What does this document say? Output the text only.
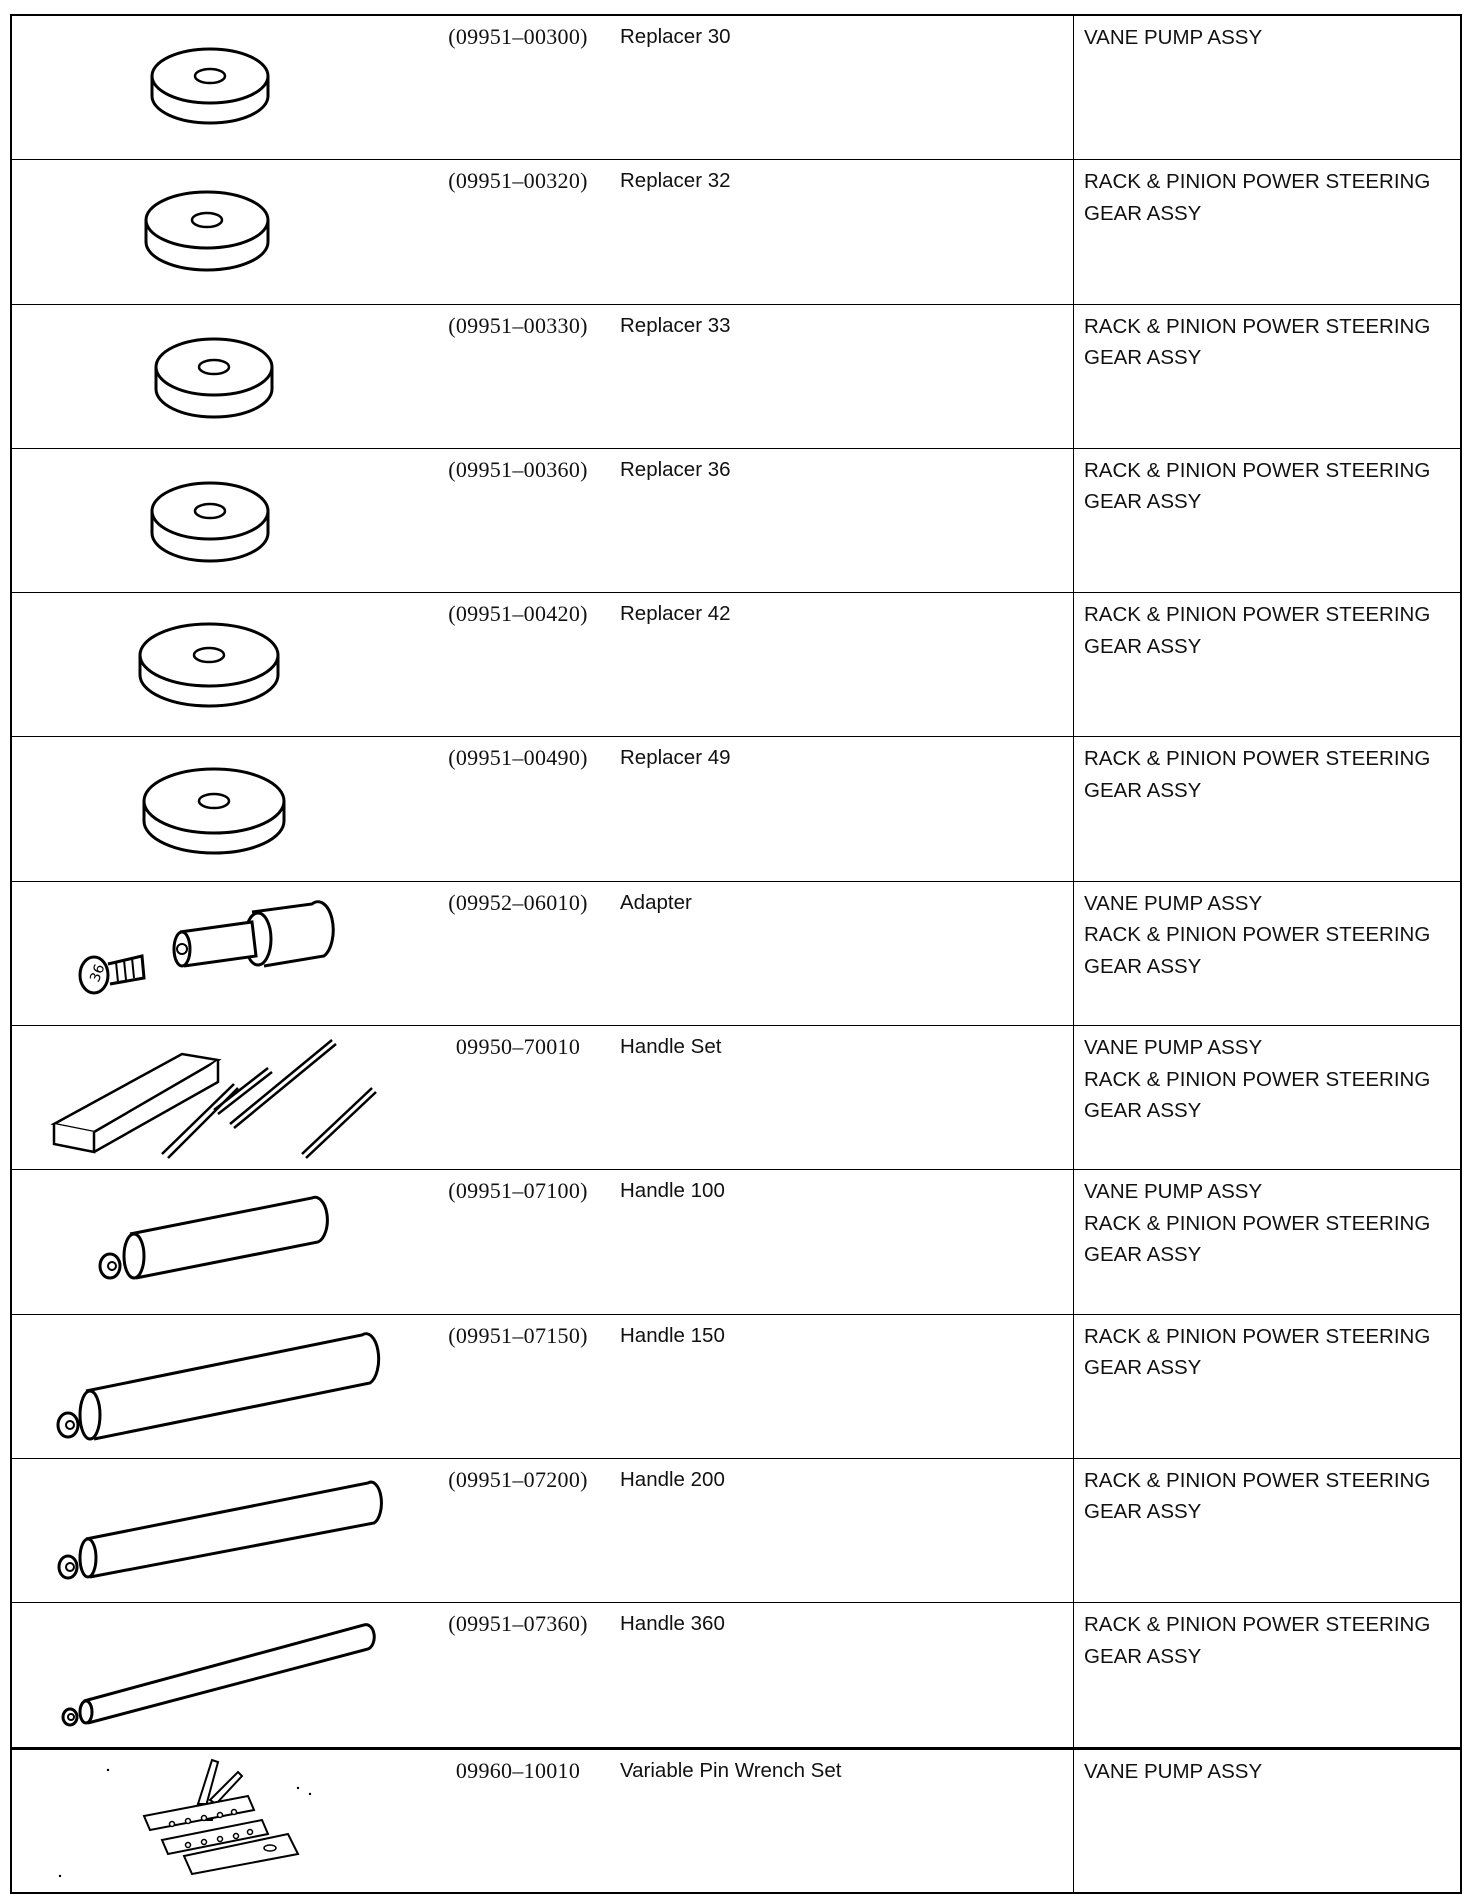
(09951–00300)	Replacer 30	VANE PUMP ASSY
(09951–00320)	Replacer 32	RACK & PINION POWER STEERING
GEAR ASSY
(09951–00330)	Replacer 33	RACK & PINION POWER STEERING
GEAR ASSY
(09951–00360)	Replacer 36	RACK & PINION POWER STEERING
GEAR ASSY
(09951–00420)	Replacer 42	RACK & PINION POWER STEERING
GEAR ASSY
(09951–00490)	Replacer 49	RACK & PINION POWER STEERING
GEAR ASSY
36
(09952–06010)	Adapter	VANE PUMP ASSY
RACK & PINION POWER STEERING
GEAR ASSY
09950–70010	Handle Set	VANE PUMP ASSY
RACK & PINION POWER STEERING
GEAR ASSY
(09951–07100)	Handle 100	VANE PUMP ASSY
RACK & PINION POWER STEERING
GEAR ASSY
(09951–07150)	Handle 150	RACK & PINION POWER STEERING
GEAR ASSY
(09951–07200)	Handle 200	RACK & PINION POWER STEERING
GEAR ASSY
(09951–07360)	Handle 360	RACK & PINION POWER STEERING
GEAR ASSY
09960–10010	Variable Pin Wrench Set	VANE PUMP ASSY
